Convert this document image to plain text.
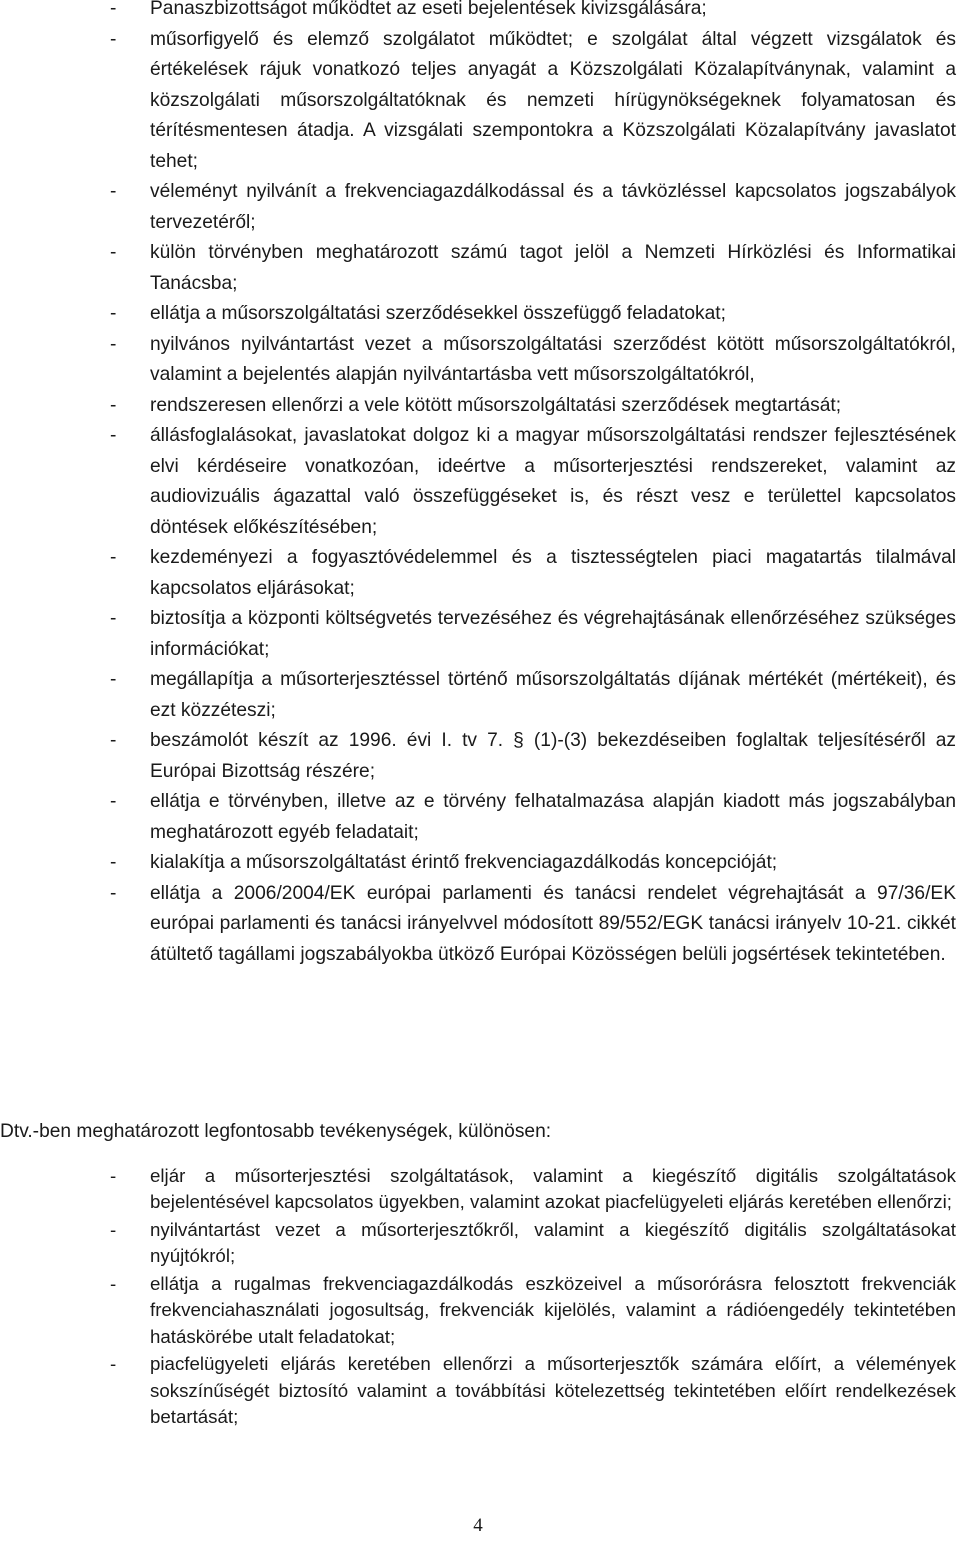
- Panaszbizottságot működtet az eseti bejelentések kivizsgálására;
- műsorfigyelő és elemző szolgálatot működtet; e szolgálat által végzett vizsgálatok és értékelések rájuk vonatkozó teljes anyagát a Közszolgálati Közalapítványnak, valamint a közszolgálati műsorszolgáltatóknak és nemzeti hírügynökségeknek folyamatosan és térítésmentesen átadja. A vizsgálati szempontokra a Közszolgálati Közalapítvány javaslatot tehet;
- véleményt nyilvánít a frekvenciagazdálkodással és a távközléssel kapcsolatos jogszabályok tervezetéről;
- külön törvényben meghatározott számú tagot jelöl a Nemzeti Hírközlési és Informatikai Tanácsba;
- ellátja a műsorszolgáltatási szerződésekkel összefüggő feladatokat;
- nyilvános nyilvántartást vezet a műsorszolgáltatási szerződést kötött műsorszolgáltatókról, valamint a bejelentés alapján nyilvántartásba vett műsorszolgáltatókról,
- rendszeresen ellenőrzi a vele kötött műsorszolgáltatási szerződések megtartását;
- állásfoglalásokat, javaslatokat dolgoz ki a magyar műsorszolgáltatási rendszer fejlesztésének elvi kérdéseire vonatkozóan, ideértve a műsorterjesztési rendszereket, valamint az audiovizuális ágazattal való összefüggéseket is, és részt vesz e területtel kapcsolatos döntések előkészítésében;
- kezdeményezi a fogyasztóvédelemmel és a tisztességtelen piaci magatartás tilalmával kapcsolatos eljárásokat;
- biztosítja a központi költségvetés tervezéséhez és végrehajtásának ellenőrzéséhez szükséges információkat;
- megállapítja a műsorterjesztéssel történő műsorszolgáltatás díjának mértékét (mértékeit), és ezt közzéteszi;
- beszámolót készít az 1996. évi I. tv 7. § (1)-(3) bekezdéseiben foglaltak teljesítéséről az Európai Bizottság részére;
- ellátja e törvényben, illetve az e törvény felhatalmazása alapján kiadott más jogszabályban meghatározott egyéb feladatait;
- kialakítja a műsorszolgáltatást érintő frekvenciagazdálkodás koncepcióját;
- ellátja a 2006/2004/EK európai parlamenti és tanácsi rendelet végrehajtását a 97/36/EK európai parlamenti és tanácsi irányelvvel módosított 89/552/EGK tanácsi irányelv 10-21. cikkét átültető tagállami jogszabályokba ütköző Európai Közösségen belüli jogsértések tekintetében.

Dtv.-ben meghatározott legfontosabb tevékenységek, különösen:

- eljár a műsorterjesztési szolgáltatások, valamint a kiegészítő digitális szolgáltatások bejelentésével kapcsolatos ügyekben, valamint azokat piacfelügyeleti eljárás keretében ellenőrzi;
- nyilvántartást vezet a műsorterjesztőkről, valamint a kiegészítő digitális szolgáltatásokat nyújtókról;
- ellátja a rugalmas frekvenciagazdálkodás eszközeivel a műsorórásra felosztott frekvenciák frekvenciahasználati jogosultság, frekvenciák kijelölés, valamint a rádióengedély tekintetében hatáskörébe utalt feladatokat;
- piacfelügyeleti eljárás keretében ellenőrzi a műsorterjesztők számára előírt, a vélemények sokszínűségét biztosító valamint a továbbítási kötelezettség tekintetében előírt rendelkezések betartását;
4
